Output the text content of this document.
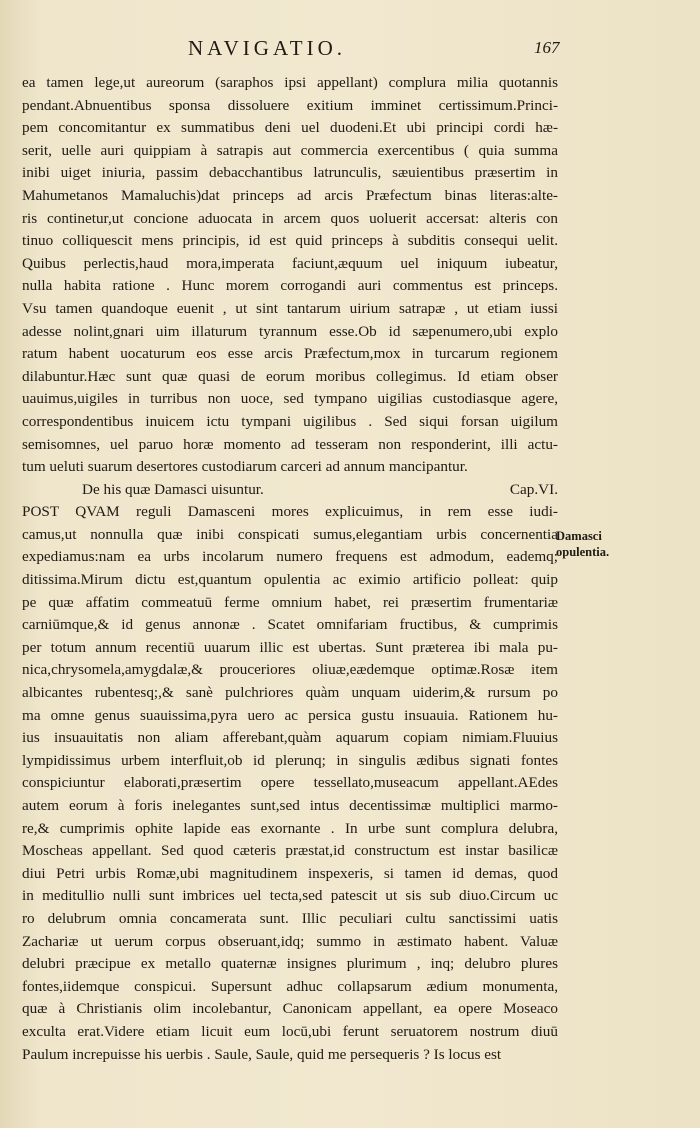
NAVIGATIO.	167
ea tamen lege,ut aureorum (saraphos ipsi appellant) complura milia quotannis
pendant.Abnuentibus sponsa dissoluere exitium imminet certissimum.Princi-
pem concomitantur ex summatibus deni uel duodeni.Et ubi principi cordi hæ-
serit, uelle auri quippiam à satrapis aut commercia exercentibus ( quia summa
inibi uiget iniuria, passim debacchantibus latrunculis, sæuientibus præsertim in
Mahumetanos Mamaluchis)dat princeps ad arcis Præfectum binas literas:alte-
ris continetur,ut concione aduocata in arcem quos uoluerit accersat: alteris con
tinuo colliquescit mens principis, id est quid princeps à subditis consequi uelit.
Quibus perlectis,haud mora,imperata faciunt,æquum uel iniquum iubeatur,
nulla habita ratione . Hunc morem corrogandi auri commentus est princeps.
Vsu tamen quandoque euenit , ut sint tantarum uirium satrapæ , ut etiam iussi
adesse nolint,gnari uim illaturum tyrannum esse.Ob id sæpenumero,ubi explo
ratum habent uocaturum eos esse arcis Præfectum,mox in turcarum regionem
dilabuntur.Hæc sunt quæ quasi de eorum moribus collegimus. Id etiam obser
uauimus,uigiles in turribus non uoce, sed tympano uigilias custodiasque agere,
correspondentibus inuicem ictu tympani uigilibus . Sed siqui forsan uigilum
semisomnes, uel paruo horæ momento ad tesseram non responderint, illi actu-
tum ueluti suarum desertores custodiarum carceri ad annum mancipantur.
De his quæ Damasci uisuntur.	Cap.VI.
POST QVAM reguli Damasceni mores explicuimus, in rem esse iudi-
camus,ut nonnulla quæ inibi conspicati sumus,elegantiam urbis concernentia
expediamus:nam ea urbs incolarum numero frequens est admodum, eademq;
ditissima.Mirum dictu est,quantum opulentia ac eximio artificio polleat: quip
pe quæ affatim commeatuū ferme omnium habet, rei præsertim frumentariæ
carniūmque,& id genus annonæ . Scatet omnifariam fructibus, & cumprimis
per totum annum recentiū uuarum illic est ubertas. Sunt præterea ibi mala pu-
nica,chrysomela,amygdalæ,& prouceriores oliuæ,eædemque optimæ.Rosæ item
albicantes rubentesq;,& sanè pulchriores quàm unquam uiderim,& rursum po
ma omne genus suauissima,pyra uero ac persica gustu insuauia. Rationem hu-
ius insuauitatis non aliam afferebant,quàm aquarum copiam nimiam.Fluuius
lympidissimus urbem interfluit,ob id plerunq; in singulis ædibus signati fontes
conspiciuntur elaborati,præsertim opere tessellato,museacum appellant.AEdes
autem eorum à foris inelegantes sunt,sed intus decentissimæ multiplici marmo-
re,& cumprimis ophite lapide eas exornante . In urbe sunt complura delubra,
Moscheas appellant. Sed quod cæteris præstat,id constructum est instar basilicæ
diui Petri urbis Romæ,ubi magnitudinem inspexeris, si tamen id demas, quod
in meditullio nulli sunt imbrices uel tecta,sed patescit ut sis sub diuo.Circum uc
ro delubrum omnia concamerata sunt. Illic peculiari cultu sanctissimi uatis
Zachariæ ut uerum corpus obseruant,idq; summo in æstimato habent. Valuæ
delubri præcipue ex metallo quaternæ insignes plurimum , inq; delubro plures
fontes,iidemque conspicui. Supersunt adhuc collapsarum ædium monumenta,
quæ à Christianis olim incolebantur, Canonicam appellant, ea opere Moseaco
exculta erat.Videre etiam licuit eum locū,ubi ferunt seruatorem nostrum diuū
Paulum increpuisse his uerbis . Saule, Saule, quid me persequeris ? Is locus est
Damasci
opulentia.
